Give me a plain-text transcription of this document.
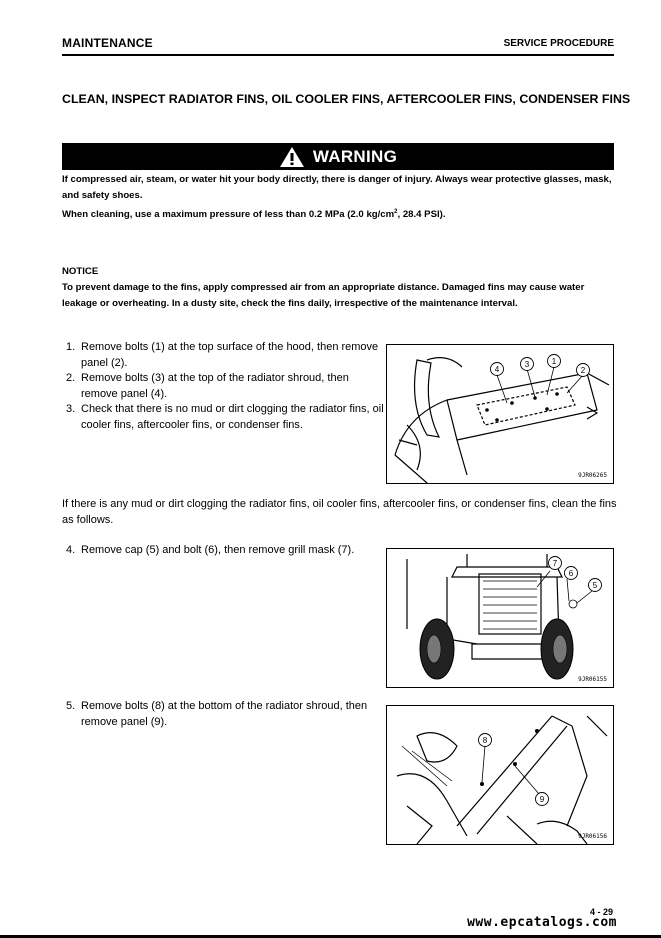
MAINTENANCE	SERVICE PROCEDURE
CLEAN, INSPECT RADIATOR FINS, OIL COOLER FINS, AFTERCOOLER FINS, CONDENSER FINS
WARNING
If compressed air, steam, or water hit your body directly, there is danger of injury. Always wear protective glasses, mask, and safety shoes.
When cleaning, use a maximum pressure of less than 0.2 MPa (2.0 $kg/cm^2$, 28.4 PSI).
NOTICE
To prevent damage to the fins, apply compressed air from an appropriate distance. Damaged fins may cause water leakage or overheating. In a dusty site, check the fins daily, irrespective of the maintenance interval.
1. Remove bolts (1) at the top surface of the hood, then remove panel (2).
2. Remove bolts (3) at the top of the radiator shroud, then remove panel (4).
3. Check that there is no mud or dirt clogging the radiator fins, oil cooler fins, aftercooler fins, or condenser fins.
4
3	1
2
9JR06265
If there is any mud or dirt clogging the radiator fins, oil cooler fins, aftercooler fins, or condenser fins, clean the fins as follows.
4. Remove cap (5) and bolt (6), then remove grill mask (7).
7
6
5
9JR06155
5. Remove bolts (8) at the bottom of the radiator shroud, then remove panel (9).
8
9
9JR06156
4 - 29
www.epcatalogs.com
